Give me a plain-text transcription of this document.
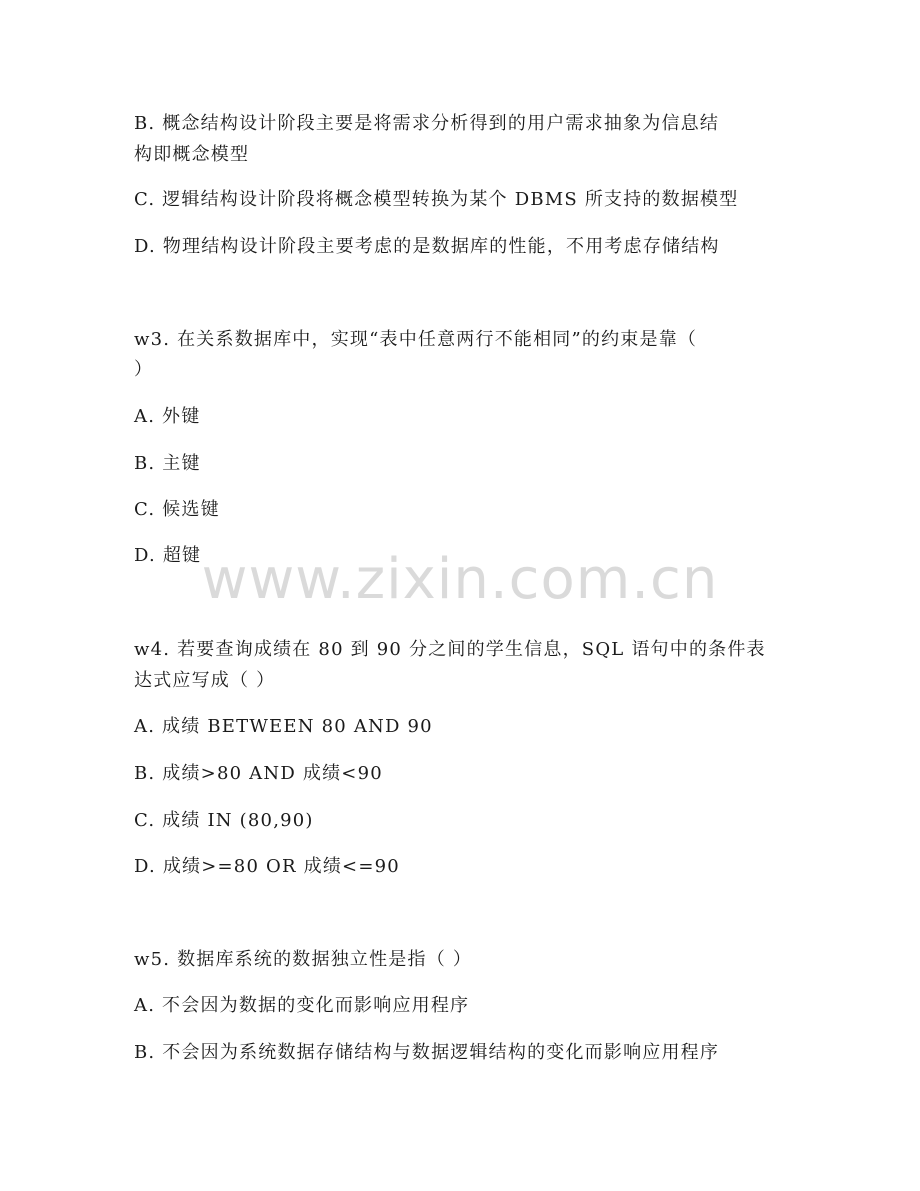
B. 概念结构设计阶段主要是将需求分析得到的用户需求抽象为信息结
构即概念模型
C. 逻辑结构设计阶段将概念模型转换为某个 DBMS 所支持的数据模型
D. 物理结构设计阶段主要考虑的是数据库的性能，不用考虑存储结构
w3. 在关系数据库中，实现“表中任意两行不能相同”的约束是靠（
）
A. 外键
B. 主键
C. 候选键
D. 超键
w4. 若要查询成绩在 80 到 90 分之间的学生信息，SQL 语句中的条件表
达式应写成（ ）
A. 成绩 BETWEEN 80 AND 90
B. 成绩>80 AND 成绩<90
C. 成绩 IN (80,90)
D. 成绩>=80 OR 成绩<=90
w5. 数据库系统的数据独立性是指（ ）
A. 不会因为数据的变化而影响应用程序
B. 不会因为系统数据存储结构与数据逻辑结构的变化而影响应用程序
www.zixin.com.cn
